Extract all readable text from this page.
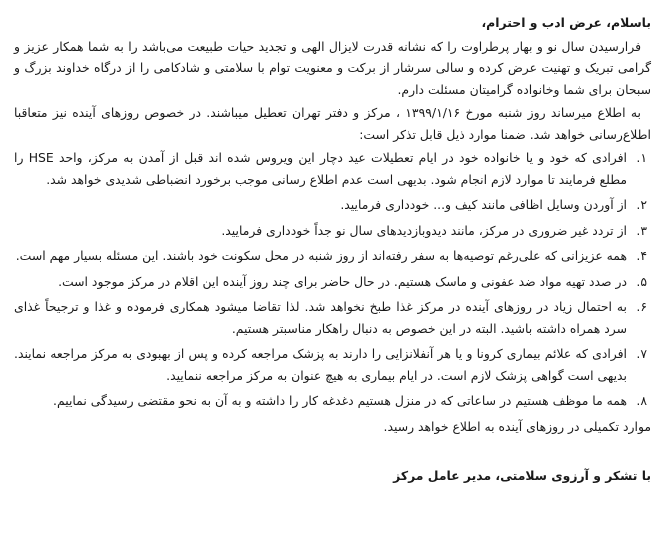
باسلام، عرض ادب و احترام،

فرارسیدن سال نو و بهار پرطراوت را که نشانه قدرت لایزال الهی و تجدید حیات طبیعت می‌باشد را به شما همکار عزیز و گرامی تبریک و تهنیت عرض کرده و سالی سرشار از برکت و معنویت توام با سلامتی و شادکامی را از درگاه خداوند بزرگ و سبحان برای شما وخانواده گرامیتان مسئلت دارم.

به اطلاع میرساند روز شنبه مورخ ۱۳۹۹/۱/۱۶ ، مرکز و دفتر تهران تعطیل میباشند. در خصوص روزهای آینده نیز متعاقبا اطلاع‌رسانی خواهد شد. ضمنا موارد ذیل قابل تذکر است:

۱.
افرادی که خود و یا خانواده خود در ایام تعطیلات عید دچار این ویروس شده اند قبل از آمدن به مرکز، واحد HSE را مطلع فرمایند تا موارد لازم انجام شود. بدیهی است عدم اطلاع رسانی موجب برخورد انضباطی شدیدی خواهد شد.
۲.
از آوردن وسایل اظافی مانند کیف و... خودداری فرمایید.
۳.
از تردد غیر ضروری در مرکز، مانند دیدوبازدیدهای سال نو جداً خودداری فرمایید.
۴.
همه عزیزانی که علی‌رغم توصیه‌ها به سفر رفته‌اند از روز شنبه در محل سکونت خود باشند. این مسئله بسیار مهم است.
۵.
در صدد تهیه مواد ضد عفونی و ماسک هستیم. در حال حاضر برای چند روز آینده این اقلام در مرکز موجود است.
۶.
به احتمال زیاد در روزهای آینده در مرکز غذا طبخ نخواهد شد. لذا تقاضا میشود همکاری فرموده و غذا و ترجیحاً غذای سرد همراه داشته باشید. البته در این خصوص به دنبال راهکار مناسبتر هستیم.
۷.
افرادی که علائم بیماری کرونا و یا هر آنفلانزایی را دارند به پزشک مراجعه کرده و پس از بهبودی به مرکز مراجعه نمایند. بدیهی است گواهی پزشک لازم است. در ایام بیماری به هیچ عنوان به مرکز مراجعه ننمایید.
۸.
همه ما موظف هستیم در ساعاتی که در منزل هستیم دغدغه کار را داشته و به آن به نحو مقتضی رسیدگی نماییم.

موارد تکمیلی در روزهای آینده به اطلاع خواهد رسید.

با تشکر و آرزوی سلامتی، مدیر عامل مرکز
